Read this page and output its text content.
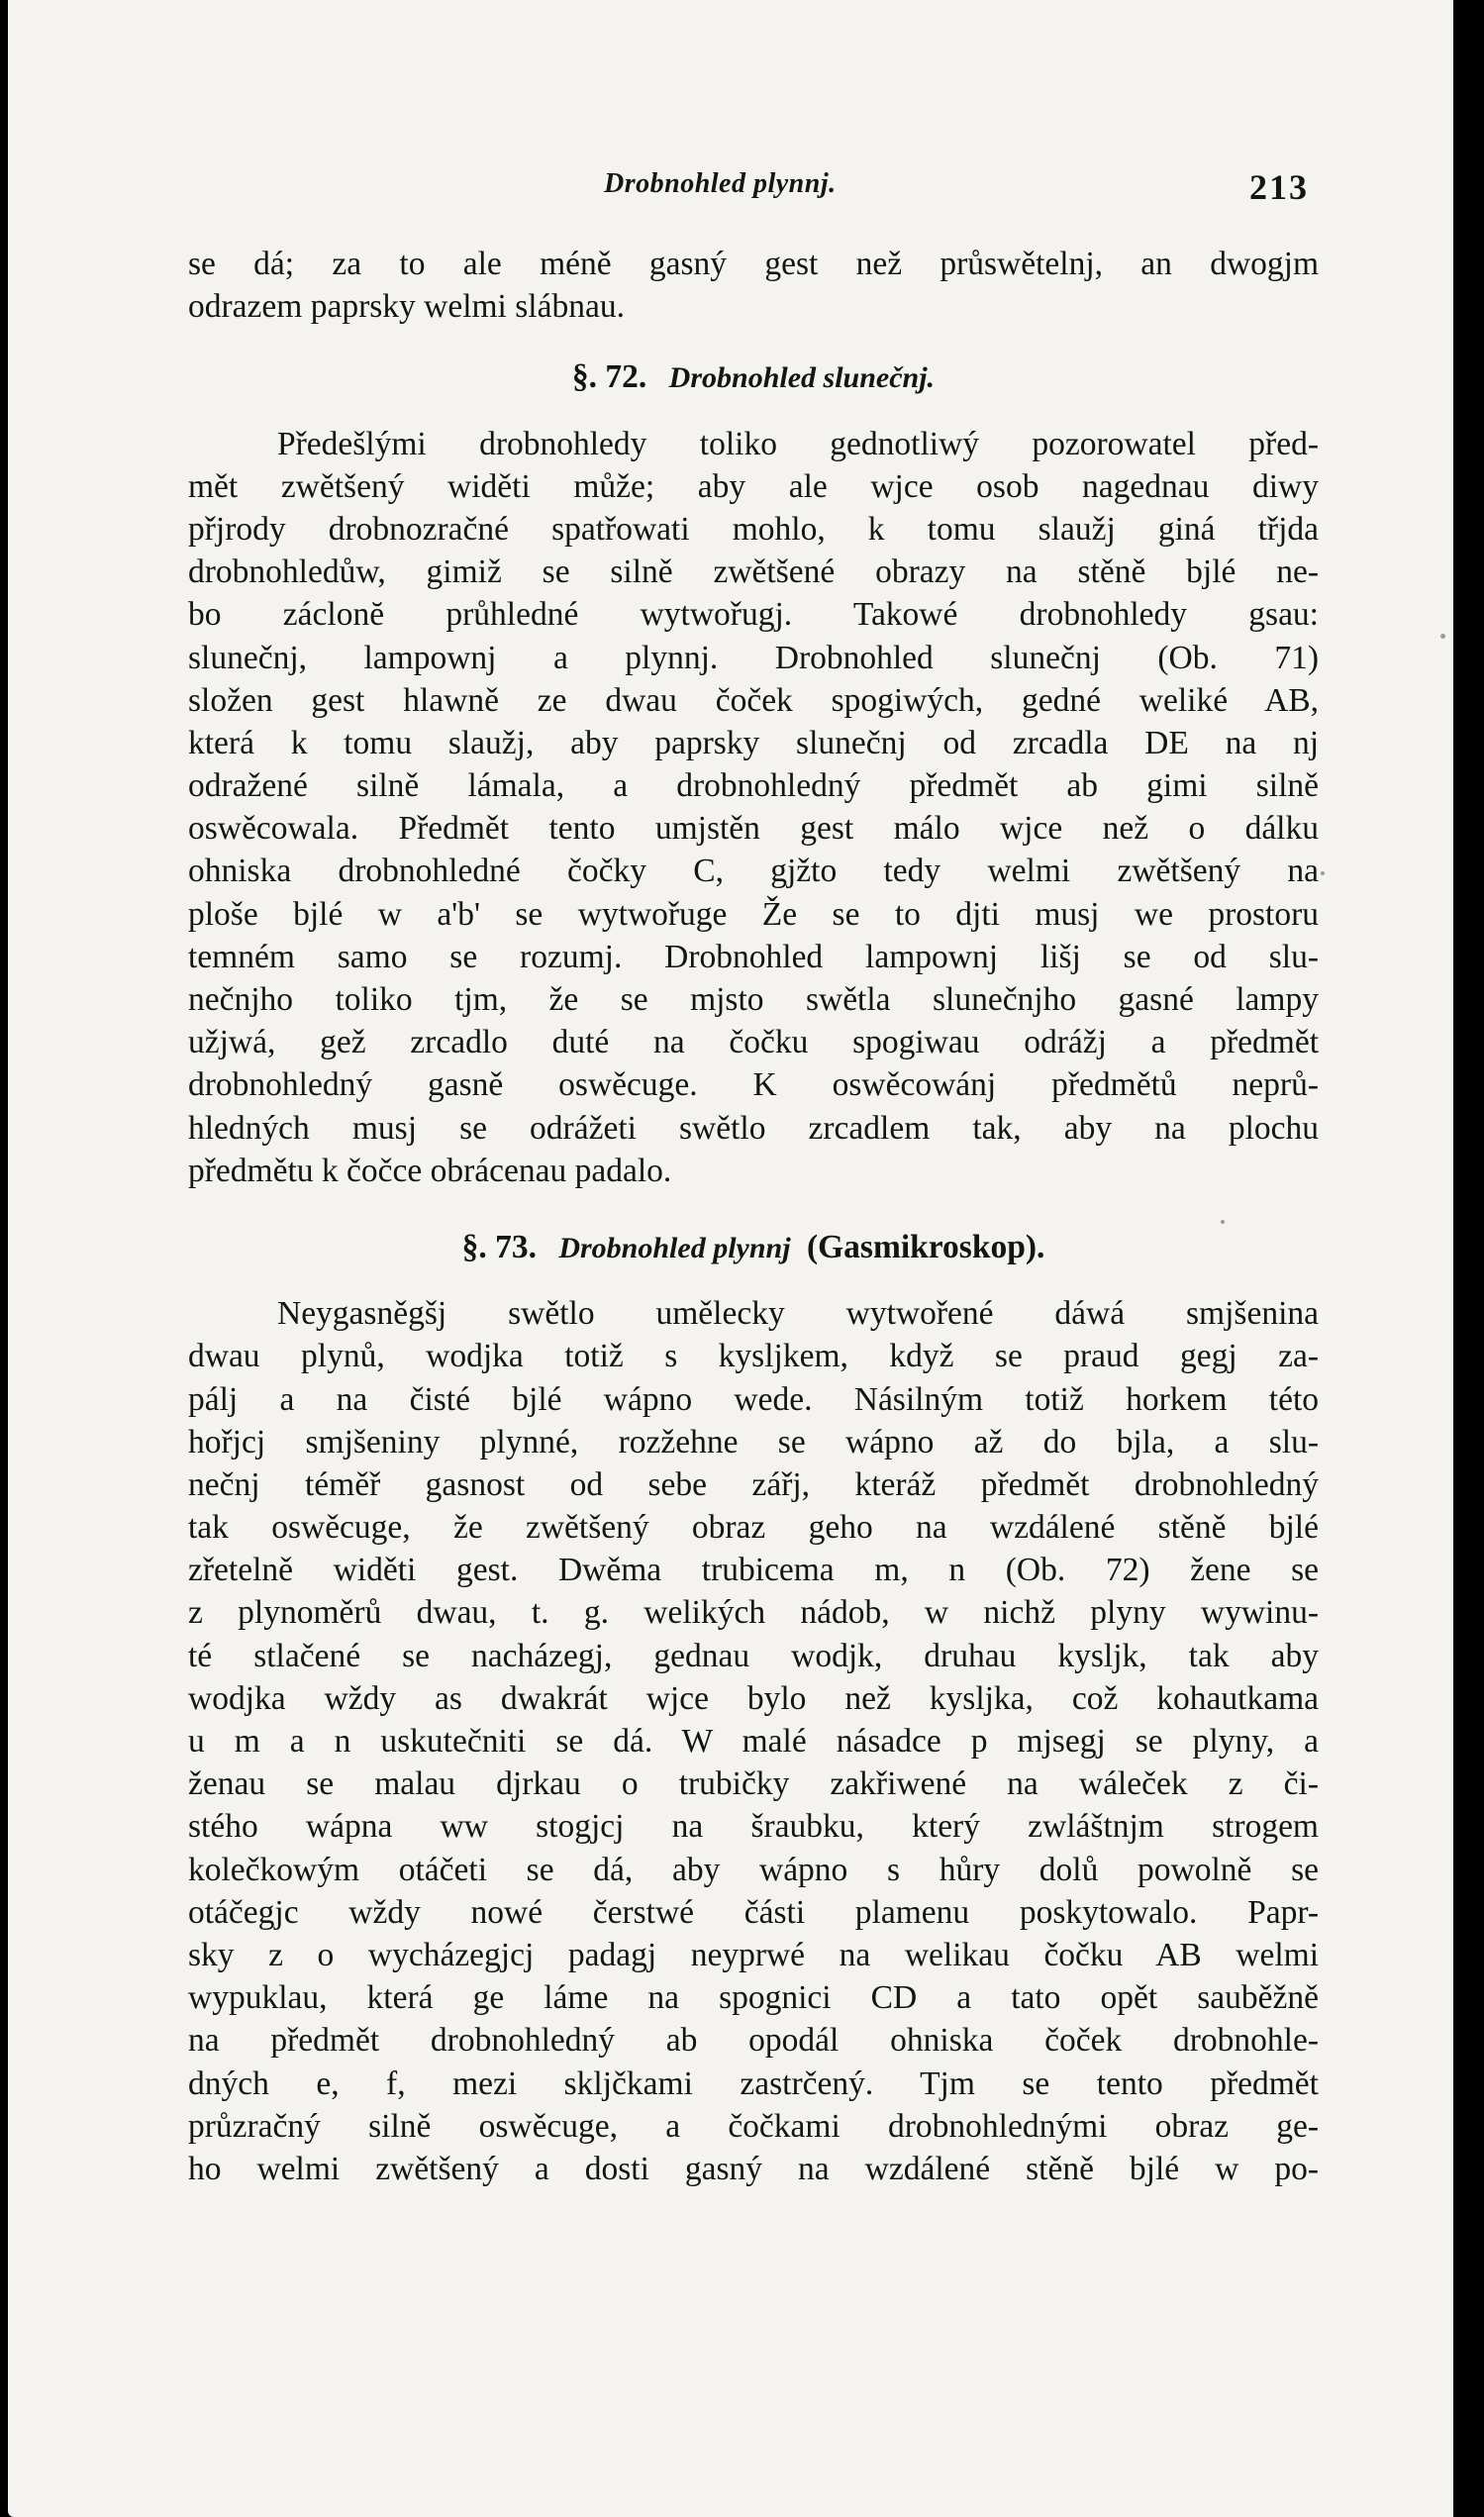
Drobnohled plynnj.	213
se dá; za to ale méně gasný gest než průswětelnj, an dwogjm
odrazem paprsky welmi slábnau.
§. 72. Drobnohled slunečnj.
Předešlými drobnohledy toliko gednotliwý pozorowatel před-
mět zwětšený widěti může; aby ale wjce osob nagednau diwy
přjrody drobnozračné spatřowati mohlo, k tomu slaužj giná třjda
drobnohledůw, gimiž se silně zwětšené obrazy na stěně bjlé ne-
bo záclonĕ průhledné wytwořugj. Takowé drobnohledy gsau:
slunečnj, lampownj a plynnj. Drobnohled slunečnj (Ob. 71)
složen gest hlawně ze dwau čoček spogiwých, gedné weliké AB,
která k tomu slaužj, aby paprsky slunečnj od zrcadla DE na nj
odražené silně lámala, a drobnohledný předmět ab gimi silně
oswěcowala. Předmět tento umjstěn gest málo wjce než o dálku
ohniska drobnohledné čočky C, gjžto tedy welmi zwětšený na
ploše bjlé w a'b' se wytwořuge Že se to djti musj we prostoru
temném samo se rozumj. Drobnohled lampownj lišj se od slu-
nečnjho toliko tjm, že se mjsto swětla slunečnjho gasné lampy
užjwá, gež zrcadlo duté na čočku spogiwau odrážj a předmět
drobnohledný gasně oswěcuge. K oswěcowánj předmětů neprů-
hledných musj se odrážeti swětlo zrcadlem tak, aby na plochu
předmětu k čočce obrácenau padalo.
§. 73. Drobnohled plynnj (Gasmikroskop).
Neygasněgšj swětlo umělecky wytwořené dáwá smjšenina
dwau plynů, wodjka totiž s kysljkem, když se praud gegj za-
pálj a na čisté bjlé wápno wede. Násilným totiž horkem této
hořjcj smjšeniny plynné, rozžehne se wápno až do bjla, a slu-
nečnj téměř gasnost od sebe zářj, kteráž předmět drobnohledný
tak oswěcuge, že zwětšený obraz geho na wzdálené stěně bjlé
zřetelně widěti gest. Dwěma trubicema m, n (Ob. 72) žene se
z plynoměrů dwau, t. g. welikých nádob, w nichž plyny wywinu-
té stlačené se nacházegj, gednau wodjk, druhau kysljk, tak aby
wodjka wždy as dwakrát wjce bylo než kysljka, což kohautkama
u m a n uskutečniti se dá. W malé násadce p mjsegj se plyny, a
ženau se malau djrkau o trubičky zakřiwené na wáleček z či-
stého wápna ww stogjcj na šraubku, který zwláštnjm strogem
kolečkowým otáčeti se dá, aby wápno s hůry dolů powolně se
otáčegjc wždy nowé čerstwé části plamenu poskytowalo. Papr-
sky z o wycházegjcj padagj neyprwé na welikau čočku AB welmi
wypuklau, která ge láme na spognici CD a tato opět sauběžně
na předmět drobnohledný ab opodál ohniska čoček drobnohle-
dných e, f, mezi skljčkami zastrčený. Tjm se tento předmět
průzračný silně oswěcuge, a čočkami drobnohlednými obraz ge-
ho welmi zwětšený a dosti gasný na wzdálené stěně bjlé w po-
